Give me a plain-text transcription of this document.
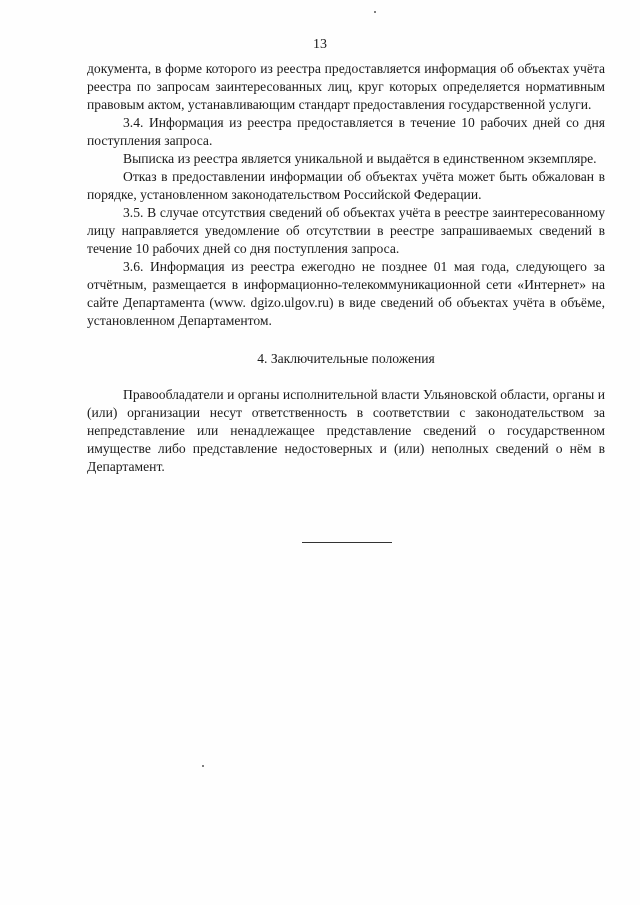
13

документа, в форме которого из реестра предоставляется информация об объектах учёта реестра по запросам заинтересованных лиц, круг которых определяется нормативным правовым актом, устанавливающим стандарт предоставления государственной услуги.

3.4. Информация из реестра предоставляется в течение 10 рабочих дней со дня поступления запроса.

Выписка из реестра является уникальной и выдаётся в единственном экземпляре.

Отказ в предоставлении информации об объектах учёта может быть обжалован в порядке, установленном законодательством Российской Федерации.

3.5. В случае отсутствия сведений об объектах учёта в реестре заинтересованному лицу направляется уведомление об отсутствии в реестре запрашиваемых сведений в течение 10 рабочих дней со дня поступления запроса.

3.6. Информация из реестра ежегодно не позднее 01 мая года, следующего за отчётным, размещается в информационно-телекоммуникационной сети «Интернет» на сайте Департамента (www. dgizo.ulgov.ru) в виде сведений об объектах учёта в объёме, установленном Департаментом.

4. Заключительные положения

Правообладатели и органы исполнительной власти Ульяновской области, органы и (или) организации несут ответственность в соответствии с законодательством за непредставление или ненадлежащее представление сведений о государственном имуществе либо представление недостоверных и (или) неполных сведений о нём в Департамент.
